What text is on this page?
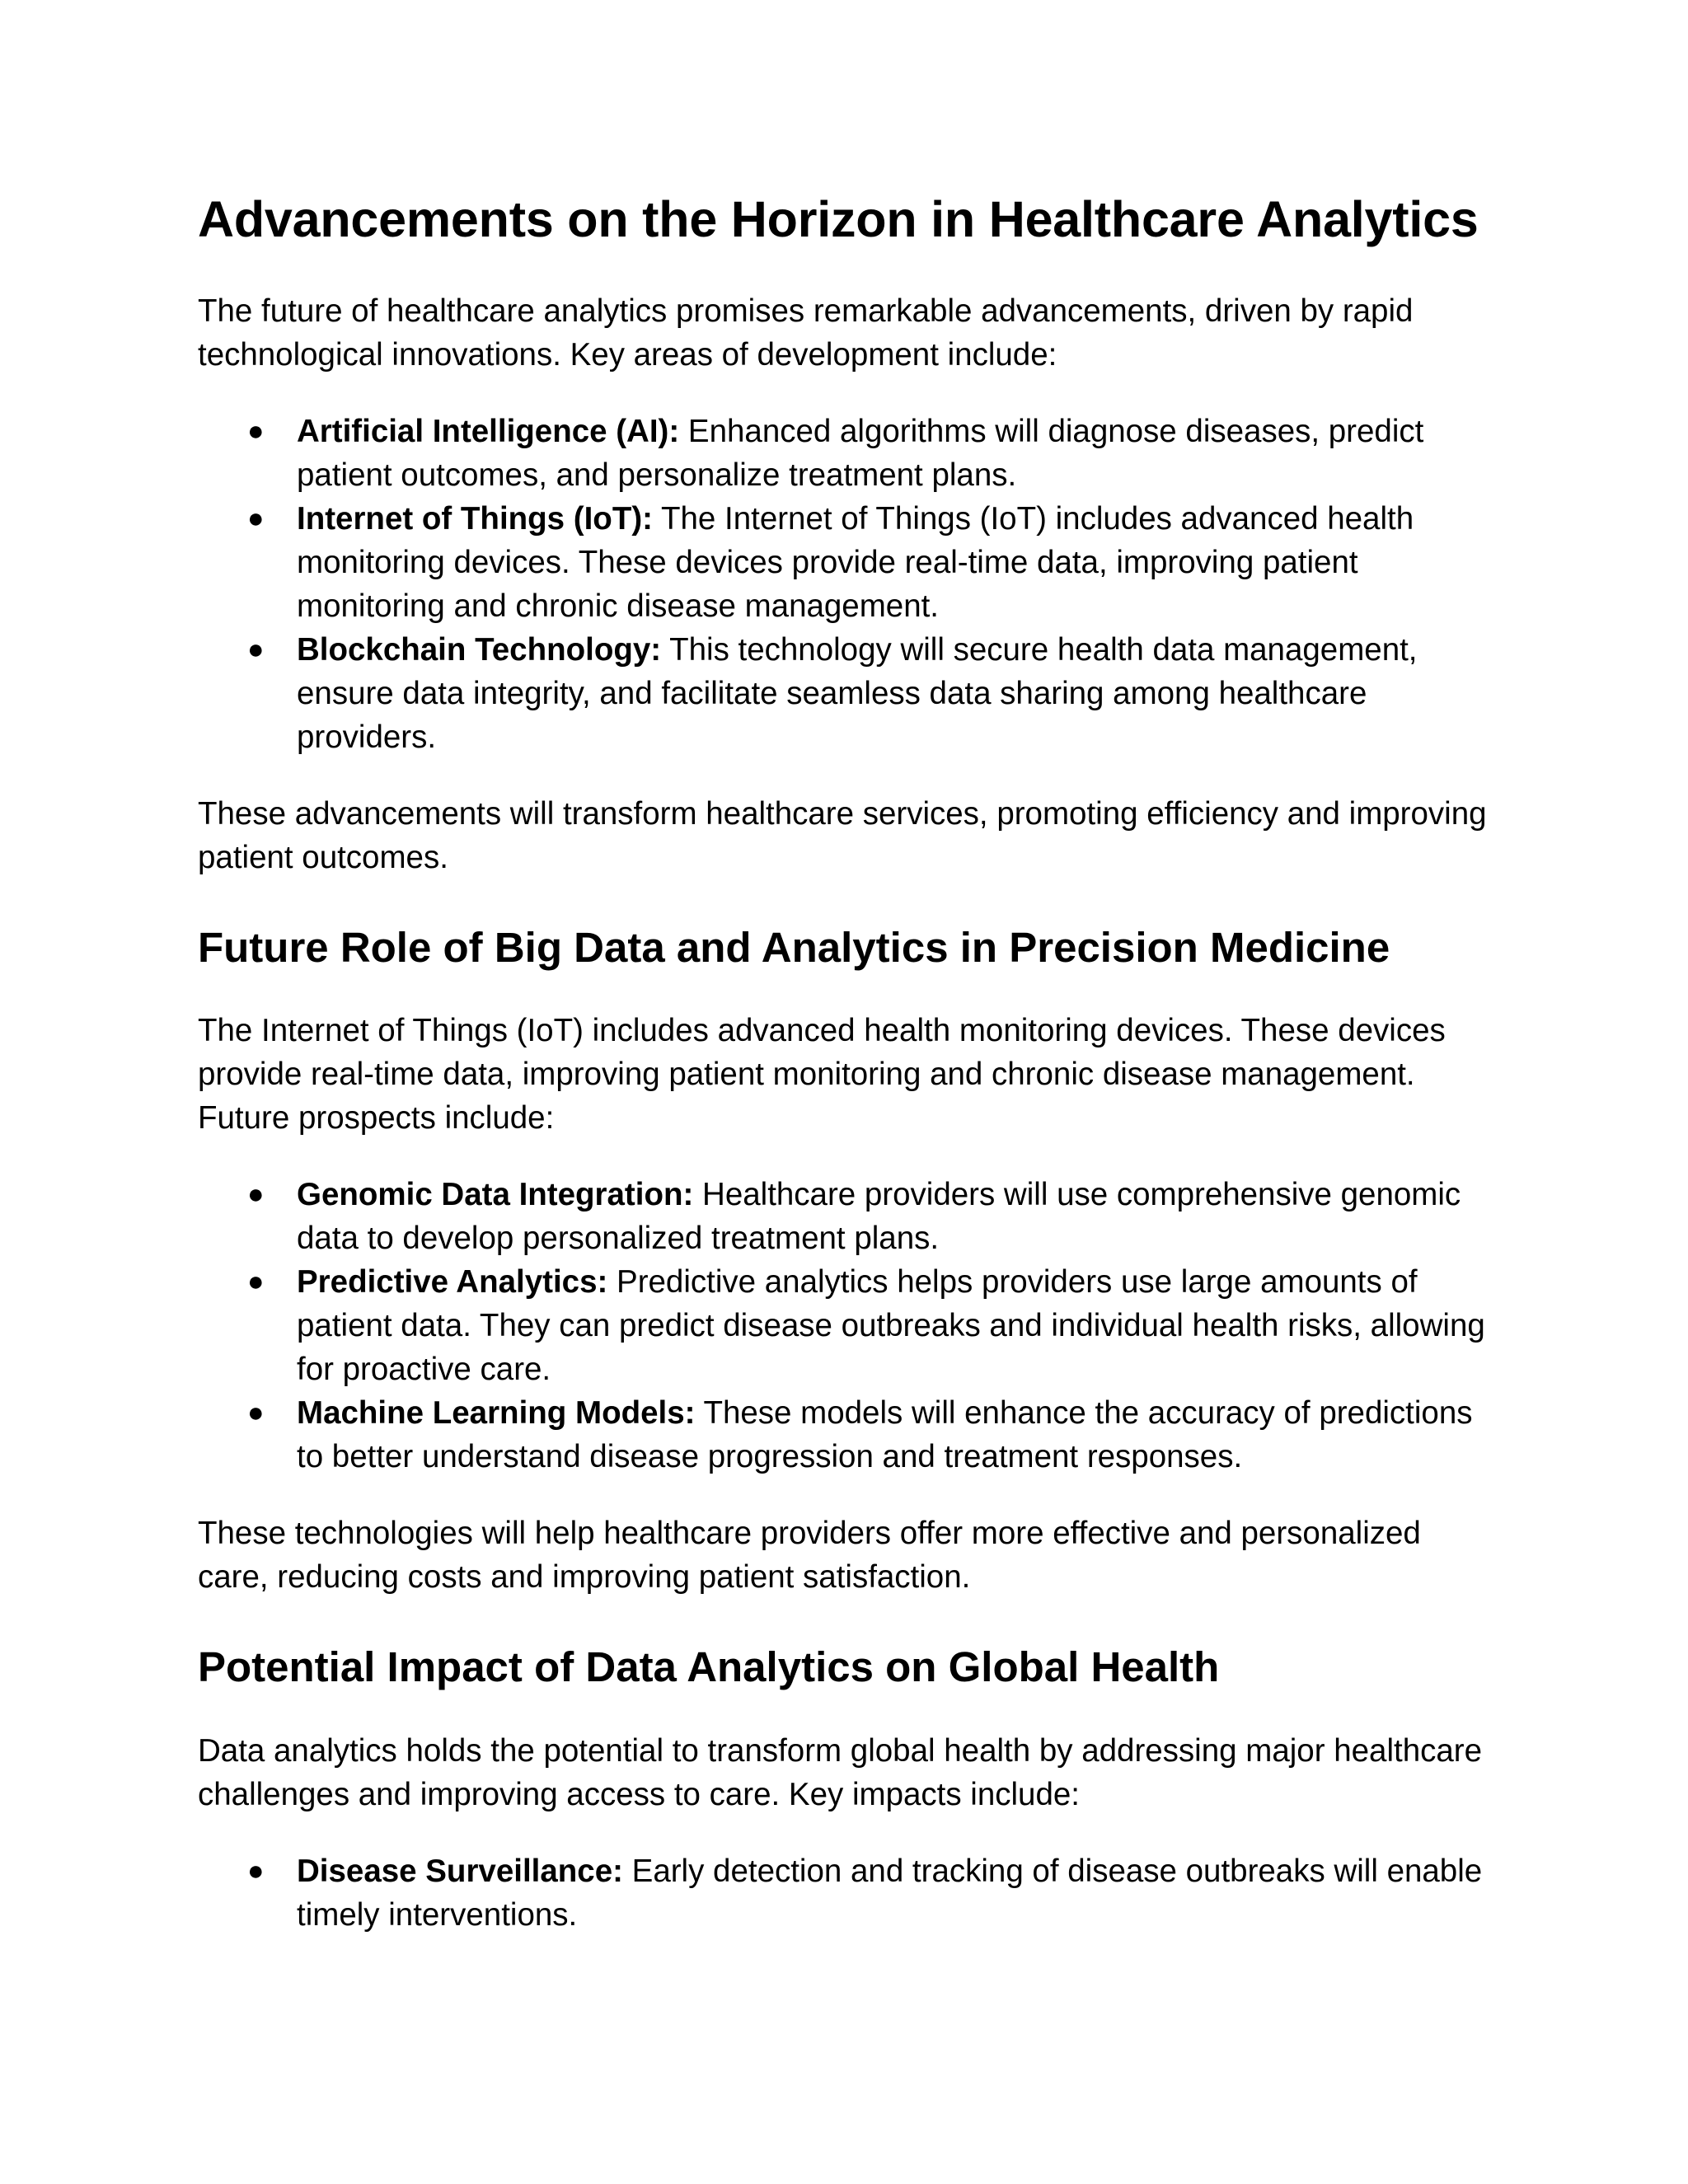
Advancements on the Horizon in Healthcare Analytics

The future of healthcare analytics promises remarkable advancements, driven by rapid technological innovations. Key areas of development include:

● Artificial Intelligence (AI): Enhanced algorithms will diagnose diseases, predict patient outcomes, and personalize treatment plans.
● Internet of Things (IoT): The Internet of Things (IoT) includes advanced health monitoring devices. These devices provide real-time data, improving patient monitoring and chronic disease management.
● Blockchain Technology: This technology will secure health data management, ensure data integrity, and facilitate seamless data sharing among healthcare providers.

These advancements will transform healthcare services, promoting efficiency and improving patient outcomes.

Future Role of Big Data and Analytics in Precision Medicine

The Internet of Things (IoT) includes advanced health monitoring devices. These devices provide real-time data, improving patient monitoring and chronic disease management. Future prospects include:

● Genomic Data Integration: Healthcare providers will use comprehensive genomic data to develop personalized treatment plans.
● Predictive Analytics: Predictive analytics helps providers use large amounts of patient data. They can predict disease outbreaks and individual health risks, allowing for proactive care.
● Machine Learning Models: These models will enhance the accuracy of predictions to better understand disease progression and treatment responses.

These technologies will help healthcare providers offer more effective and personalized care, reducing costs and improving patient satisfaction.

Potential Impact of Data Analytics on Global Health

Data analytics holds the potential to transform global health by addressing major healthcare challenges and improving access to care. Key impacts include:

● Disease Surveillance: Early detection and tracking of disease outbreaks will enable timely interventions.
